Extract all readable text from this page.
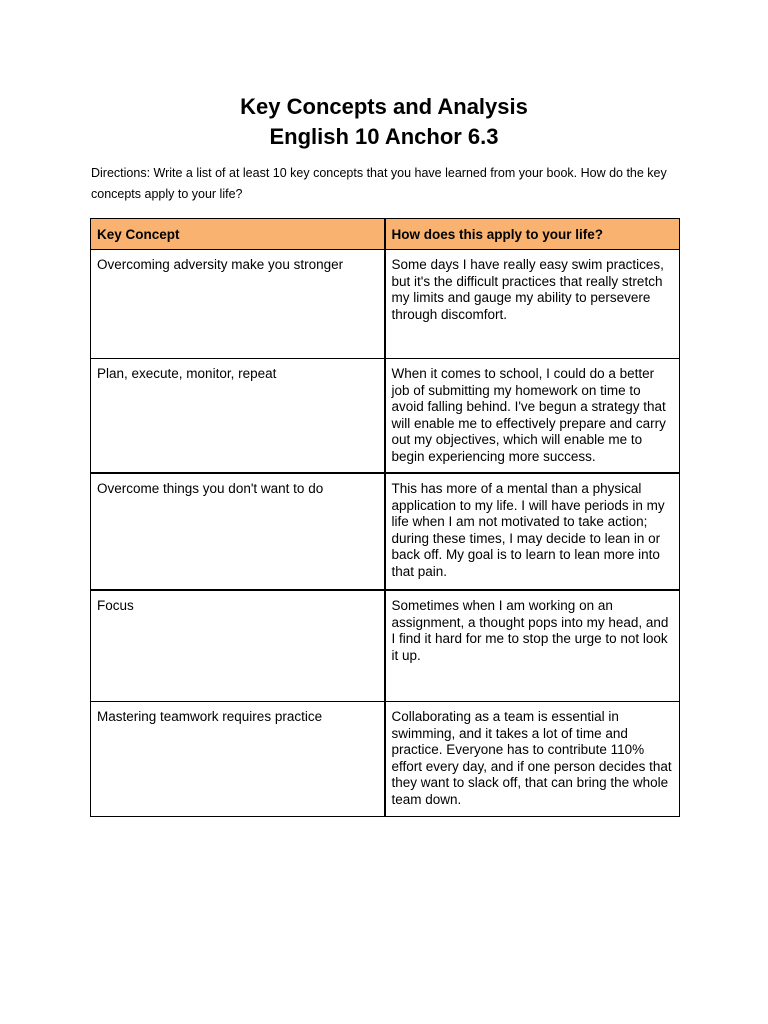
Key Concepts and Analysis
English 10 Anchor 6.3

Directions: Write a list of at least 10 key concepts that you have learned from your book. How do the key concepts apply to your life?

Key Concept	How does this apply to your life?
Overcoming adversity make you stronger	Some days I have really easy swim practices, but it's the difficult practices that really stretch my limits and gauge my ability to persevere through discomfort.
Plan, execute, monitor, repeat	When it comes to school, I could do a better job of submitting my homework on time to avoid falling behind. I've begun a strategy that will enable me to effectively prepare and carry out my objectives, which will enable me to begin experiencing more success.
Overcome things you don't want to do	This has more of a mental than a physical application to my life. I will have periods in my life when I am not motivated to take action; during these times, I may decide to lean in or back off. My goal is to learn to lean more into that pain.
Focus	Sometimes when I am working on an assignment, a thought pops into my head, and I find it hard for me to stop the urge to not look it up.
Mastering teamwork requires practice	Collaborating as a team is essential in swimming, and it takes a lot of time and practice. Everyone has to contribute 110% effort every day, and if one person decides that they want to slack off, that can bring the whole team down.
